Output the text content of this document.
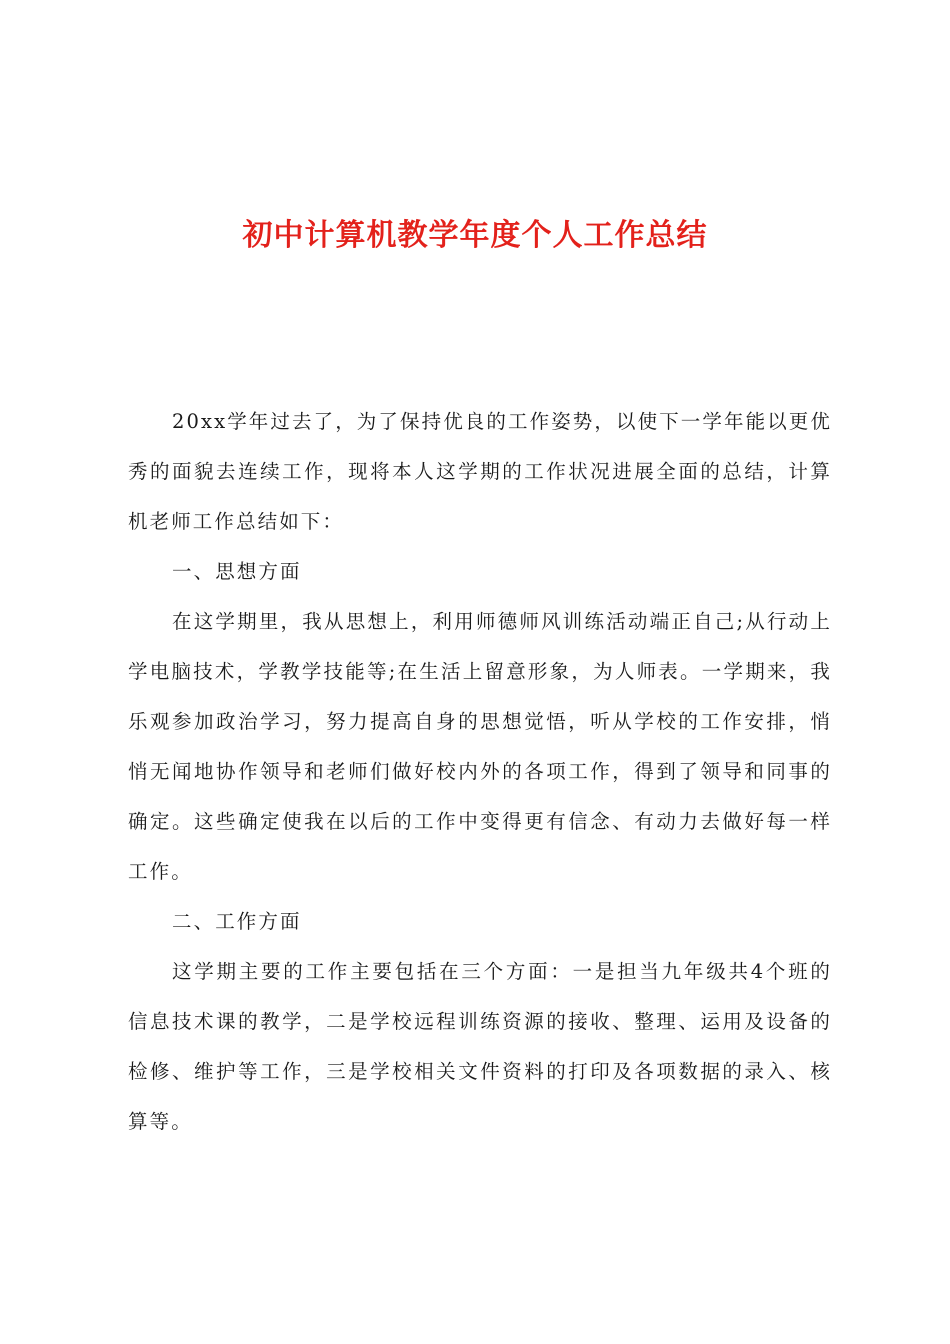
初中计算机教学年度个人工作总结

20xx学年过去了，为了保持优良的工作姿势，以使下一学年能以更优秀的面貌去连续工作，现将本人这学期的工作状况进展全面的总结，计算机老师工作总结如下：

一、思想方面

在这学期里，我从思想上，利用师德师风训练活动端正自己;从行动上学电脑技术，学教学技能等;在生活上留意形象，为人师表。一学期来，我乐观参加政治学习，努力提高自身的思想觉悟，听从学校的工作安排，悄悄无闻地协作领导和老师们做好校内外的各项工作，得到了领导和同事的确定。这些确定使我在以后的工作中变得更有信念、有动力去做好每一样工作。

二、工作方面

这学期主要的工作主要包括在三个方面：一是担当九年级共4个班的信息技术课的教学，二是学校远程训练资源的接收、整理、运用及设备的检修、维护等工作，三是学校相关文件资料的打印及各项数据的录入、核算等。
